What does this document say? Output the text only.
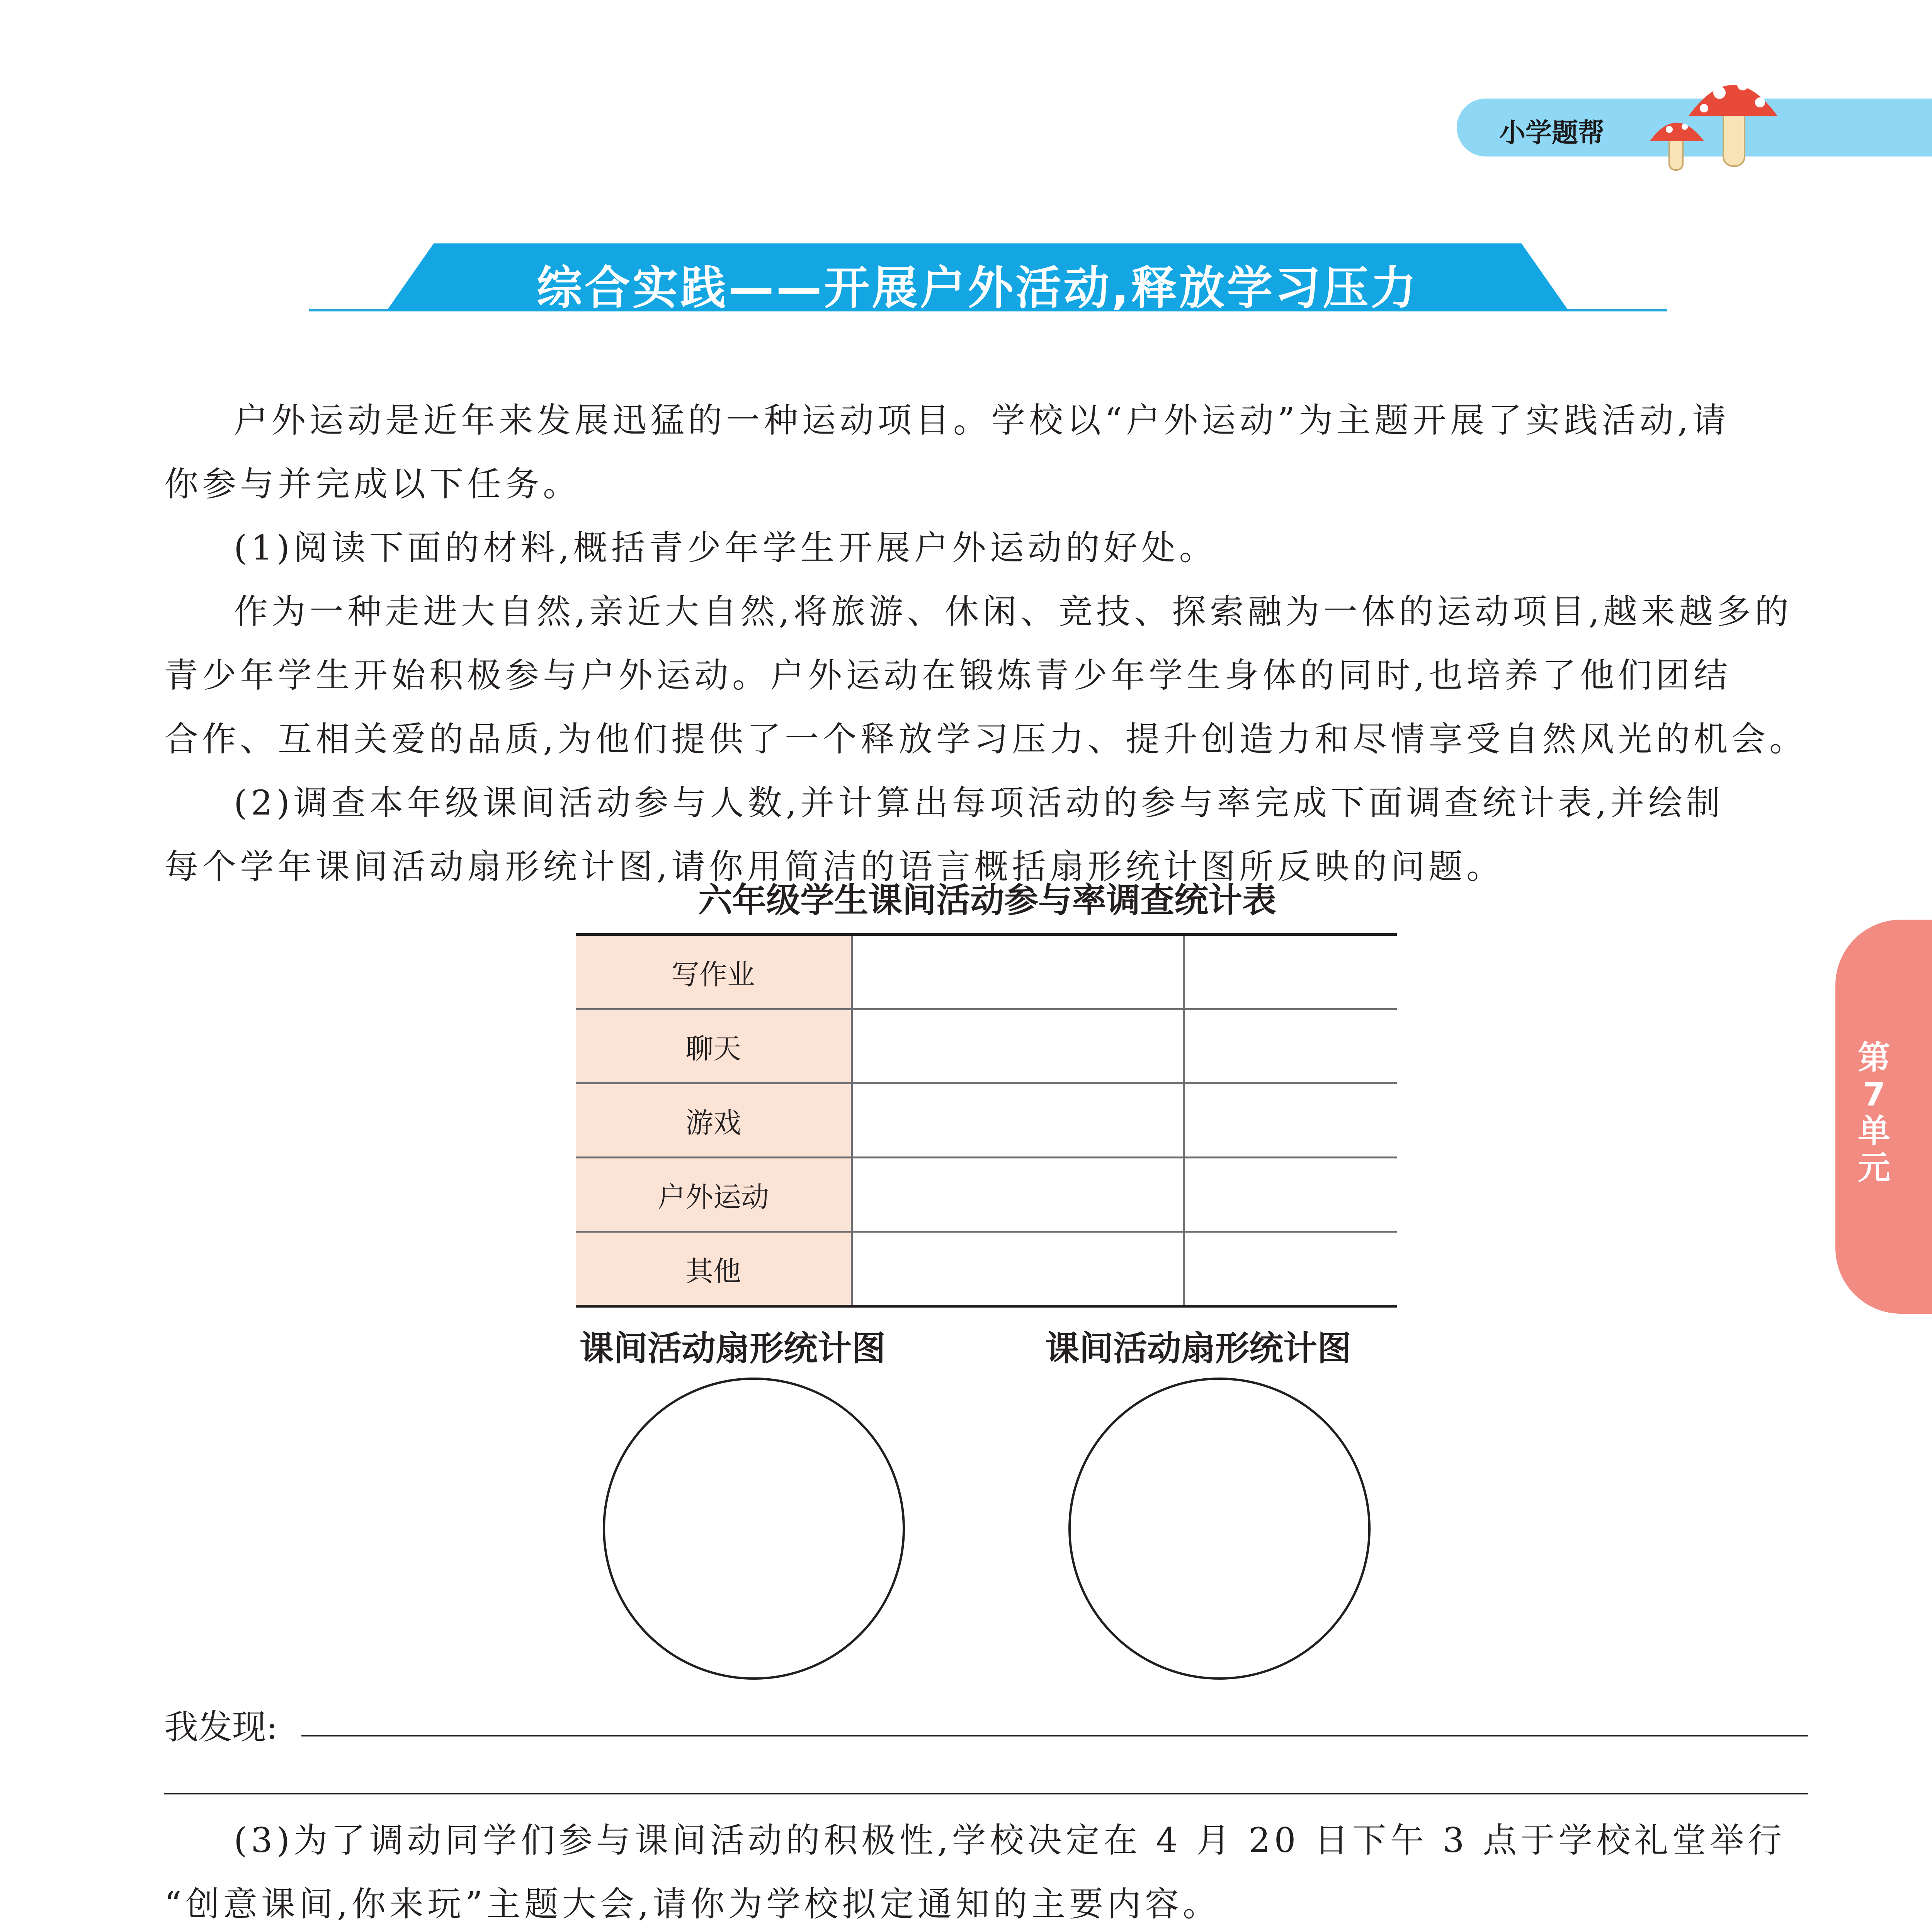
小学题帮
综合实践——开展户外活动,释放学习压力
户外运动是近年来发展迅猛的一种运动项目。学校以“户外运动”为主题开展了实践活动,请
你参与并完成以下任务。
(1)阅读下面的材料,概括青少年学生开展户外运动的好处。
作为一种走进大自然,亲近大自然,将旅游、休闲、竞技、探索融为一体的运动项目,越来越多的
青少年学生开始积极参与户外运动。户外运动在锻炼青少年学生身体的同时,也培养了他们团结
合作、互相关爱的品质,为他们提供了一个释放学习压力、提升创造力和尽情享受自然风光的机会。
(2)调查本年级课间活动参与人数,并计算出每项活动的参与率完成下面调查统计表,并绘制
每个学年课间活动扇形统计图,请你用简洁的语言概括扇形统计图所反映的问题。
六年级学生课间活动参与率调查统计表
写作业		
聊天		
游戏		
户外运动		
其他		
课间活动扇形统计图	课间活动扇形统计图
我发现:
(3)为了调动同学们参与课间活动的积极性,学校决定在 4 月 20 日下午 3 点于学校礼堂举行
“创意课间,你来玩”主题大会,请你为学校拟定通知的主要内容。
第
7
单
元
